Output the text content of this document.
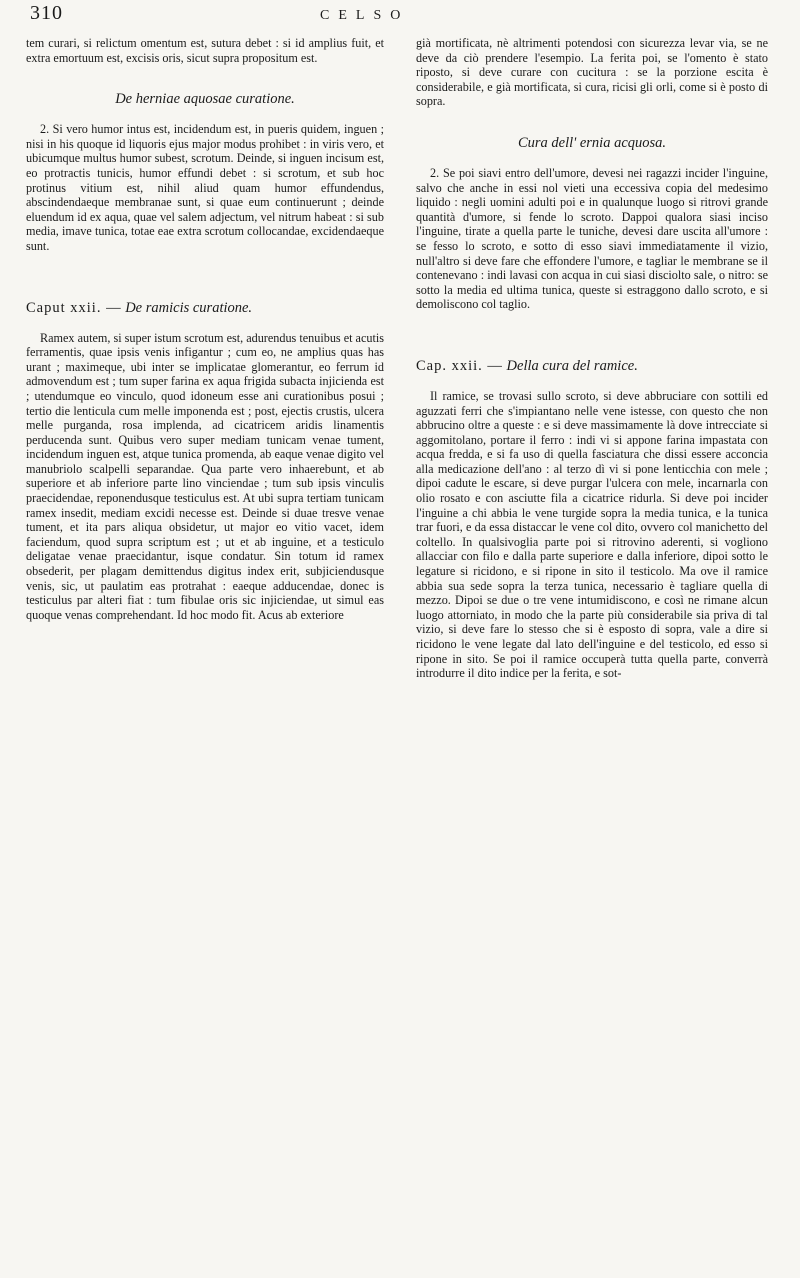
310	CELSO

tem curari, si relictum omentum est, sutura debet : si id amplius fuit, et extra emortuum est, excisis oris, sicut supra propositum est.

De herniae aquosae curatione.

2. Si vero humor intus est, incidendum est, in pueris quidem, inguen ; nisi in his quoque id liquoris ejus major modus prohibet : in viris vero, et ubicumque multus humor subest, scrotum. Deinde, si inguen incisum est, eo protractis tunicis, humor effundi debet : si scrotum, et sub hoc protinus vitium est, nihil aliud quam humor effundendus, abscindendaeque membranae sunt, si quae eum continuerunt ; deinde eluendum id ex aqua, quae vel salem adjectum, vel nitrum habeat : si sub media, imave tunica, totae eae extra scrotum collocandae, excidendaeque sunt.

Caput xxii. — De ramicis curatione.

Ramex autem, si super istum scrotum est, adurendus tenuibus et acutis ferramentis, quae ipsis venis infigantur ; cum eo, ne amplius quas has urant ; maximeque, ubi inter se implicatae glomerantur, eo ferrum id admovendum est ; tum super farina ex aqua frigida subacta injicienda est ; utendumque eo vinculo, quod idoneum esse ani curationibus posui ; tertio die lenticula cum melle imponenda est ; post, ejectis crustis, ulcera melle purganda, rosa implenda, ad cicatricem aridis linamentis perducenda sunt. Quibus vero super mediam tunicam venae tument, incidendum inguen est, atque tunica promenda, ab eaque venae digito vel manubriolo scalpelli separandae. Qua parte vero inhaerebunt, et ab superiore et ab inferiore parte lino vinciendae ; tum sub ipsis vinculis praecidendae, reponendusque testiculus est. At ubi supra tertiam tunicam ramex insedit, mediam excidi necesse est. Deinde si duae tresve venae tument, et ita pars aliqua obsidetur, ut major eo vitio vacet, idem faciendum, quod supra scriptum est ; ut et ab inguine, et a testiculo deligatae venae praecidantur, isque condatur. Sin totum id ramex obsederit, per plagam demittendus digitus index erit, subjiciendusque venis, sic, ut paulatim eas protrahat : eaeque adducendae, donec is testiculus par alteri fiat : tum fibulae oris sic injiciendae, ut simul eas quoque venas comprehendant. Id hoc modo fit. Acus ab exteriore

già mortificata, nè altrimenti potendosi con sicurezza levar via, se ne deve da ciò prendere l'esempio. La ferita poi, se l'omento è stato riposto, si deve curare con cucitura : se la porzione escita è considerabile, e già mortificata, si cura, ricisi gli orli, come si è posto di sopra.

Cura dell' ernia acquosa.

2. Se poi siavi entro dell'umore, devesi nei ragazzi incider l'inguine, salvo che anche in essi nol vieti una eccessiva copia del medesimo liquido : negli uomini adulti poi e in qualunque luogo si ritrovi grande quantità d'umore, si fende lo scroto. Dappoi qualora siasi inciso l'inguine, tirate a quella parte le tuniche, devesi dare uscita all'umore : se fesso lo scroto, e sotto di esso siavi immediatamente il vizio, null'altro si deve fare che effondere l'umore, e tagliar le membrane se il contenevano : indi lavasi con acqua in cui siasi disciolto sale, o nitro: se sotto la media ed ultima tunica, queste si estraggono dallo scroto, e si demoliscono col taglio.

Cap. xxii. — Della cura del ramice.

Il ramice, se trovasi sullo scroto, si deve abbruciare con sottili ed aguzzati ferri che s'impiantano nelle vene istesse, con questo che non abbrucino oltre a queste : e si deve massimamente là dove intrecciate si aggomitolano, portare il ferro : indi vi si appone farina impastata con acqua fredda, e si fa uso di quella fasciatura che dissi essere acconcia alla medicazione dell'ano : al terzo dì vi si pone lenticchia con mele ; dipoi cadute le escare, si deve purgar l'ulcera con mele, incarnarla con olio rosato e con asciutte fila a cicatrice ridurla. Si deve poi incider l'inguine a chi abbia le vene turgide sopra la media tunica, e la tunica trar fuori, e da essa distaccar le vene col dito, ovvero col manichetto del coltello. In qualsivoglia parte poi si ritrovino aderenti, si vogliono allacciar con filo e dalla parte superiore e dalla inferiore, dipoi sotto le legature si ricidono, e si ripone in sito il testicolo. Ma ove il ramice abbia sua sede sopra la terza tunica, necessario è tagliare quella di mezzo. Dipoi se due o tre vene intumidiscono, e così ne rimane alcun luogo attorniato, in modo che la parte più considerabile sia priva di tal vizio, si deve fare lo stesso che si è esposto di sopra, vale a dire si ricidono le vene legate dal lato dell'inguine e del testicolo, ed esso si ripone in sito. Se poi il ramice occuperà tutta quella parte, converrà introdurre il dito indice per la ferita, e sot-
